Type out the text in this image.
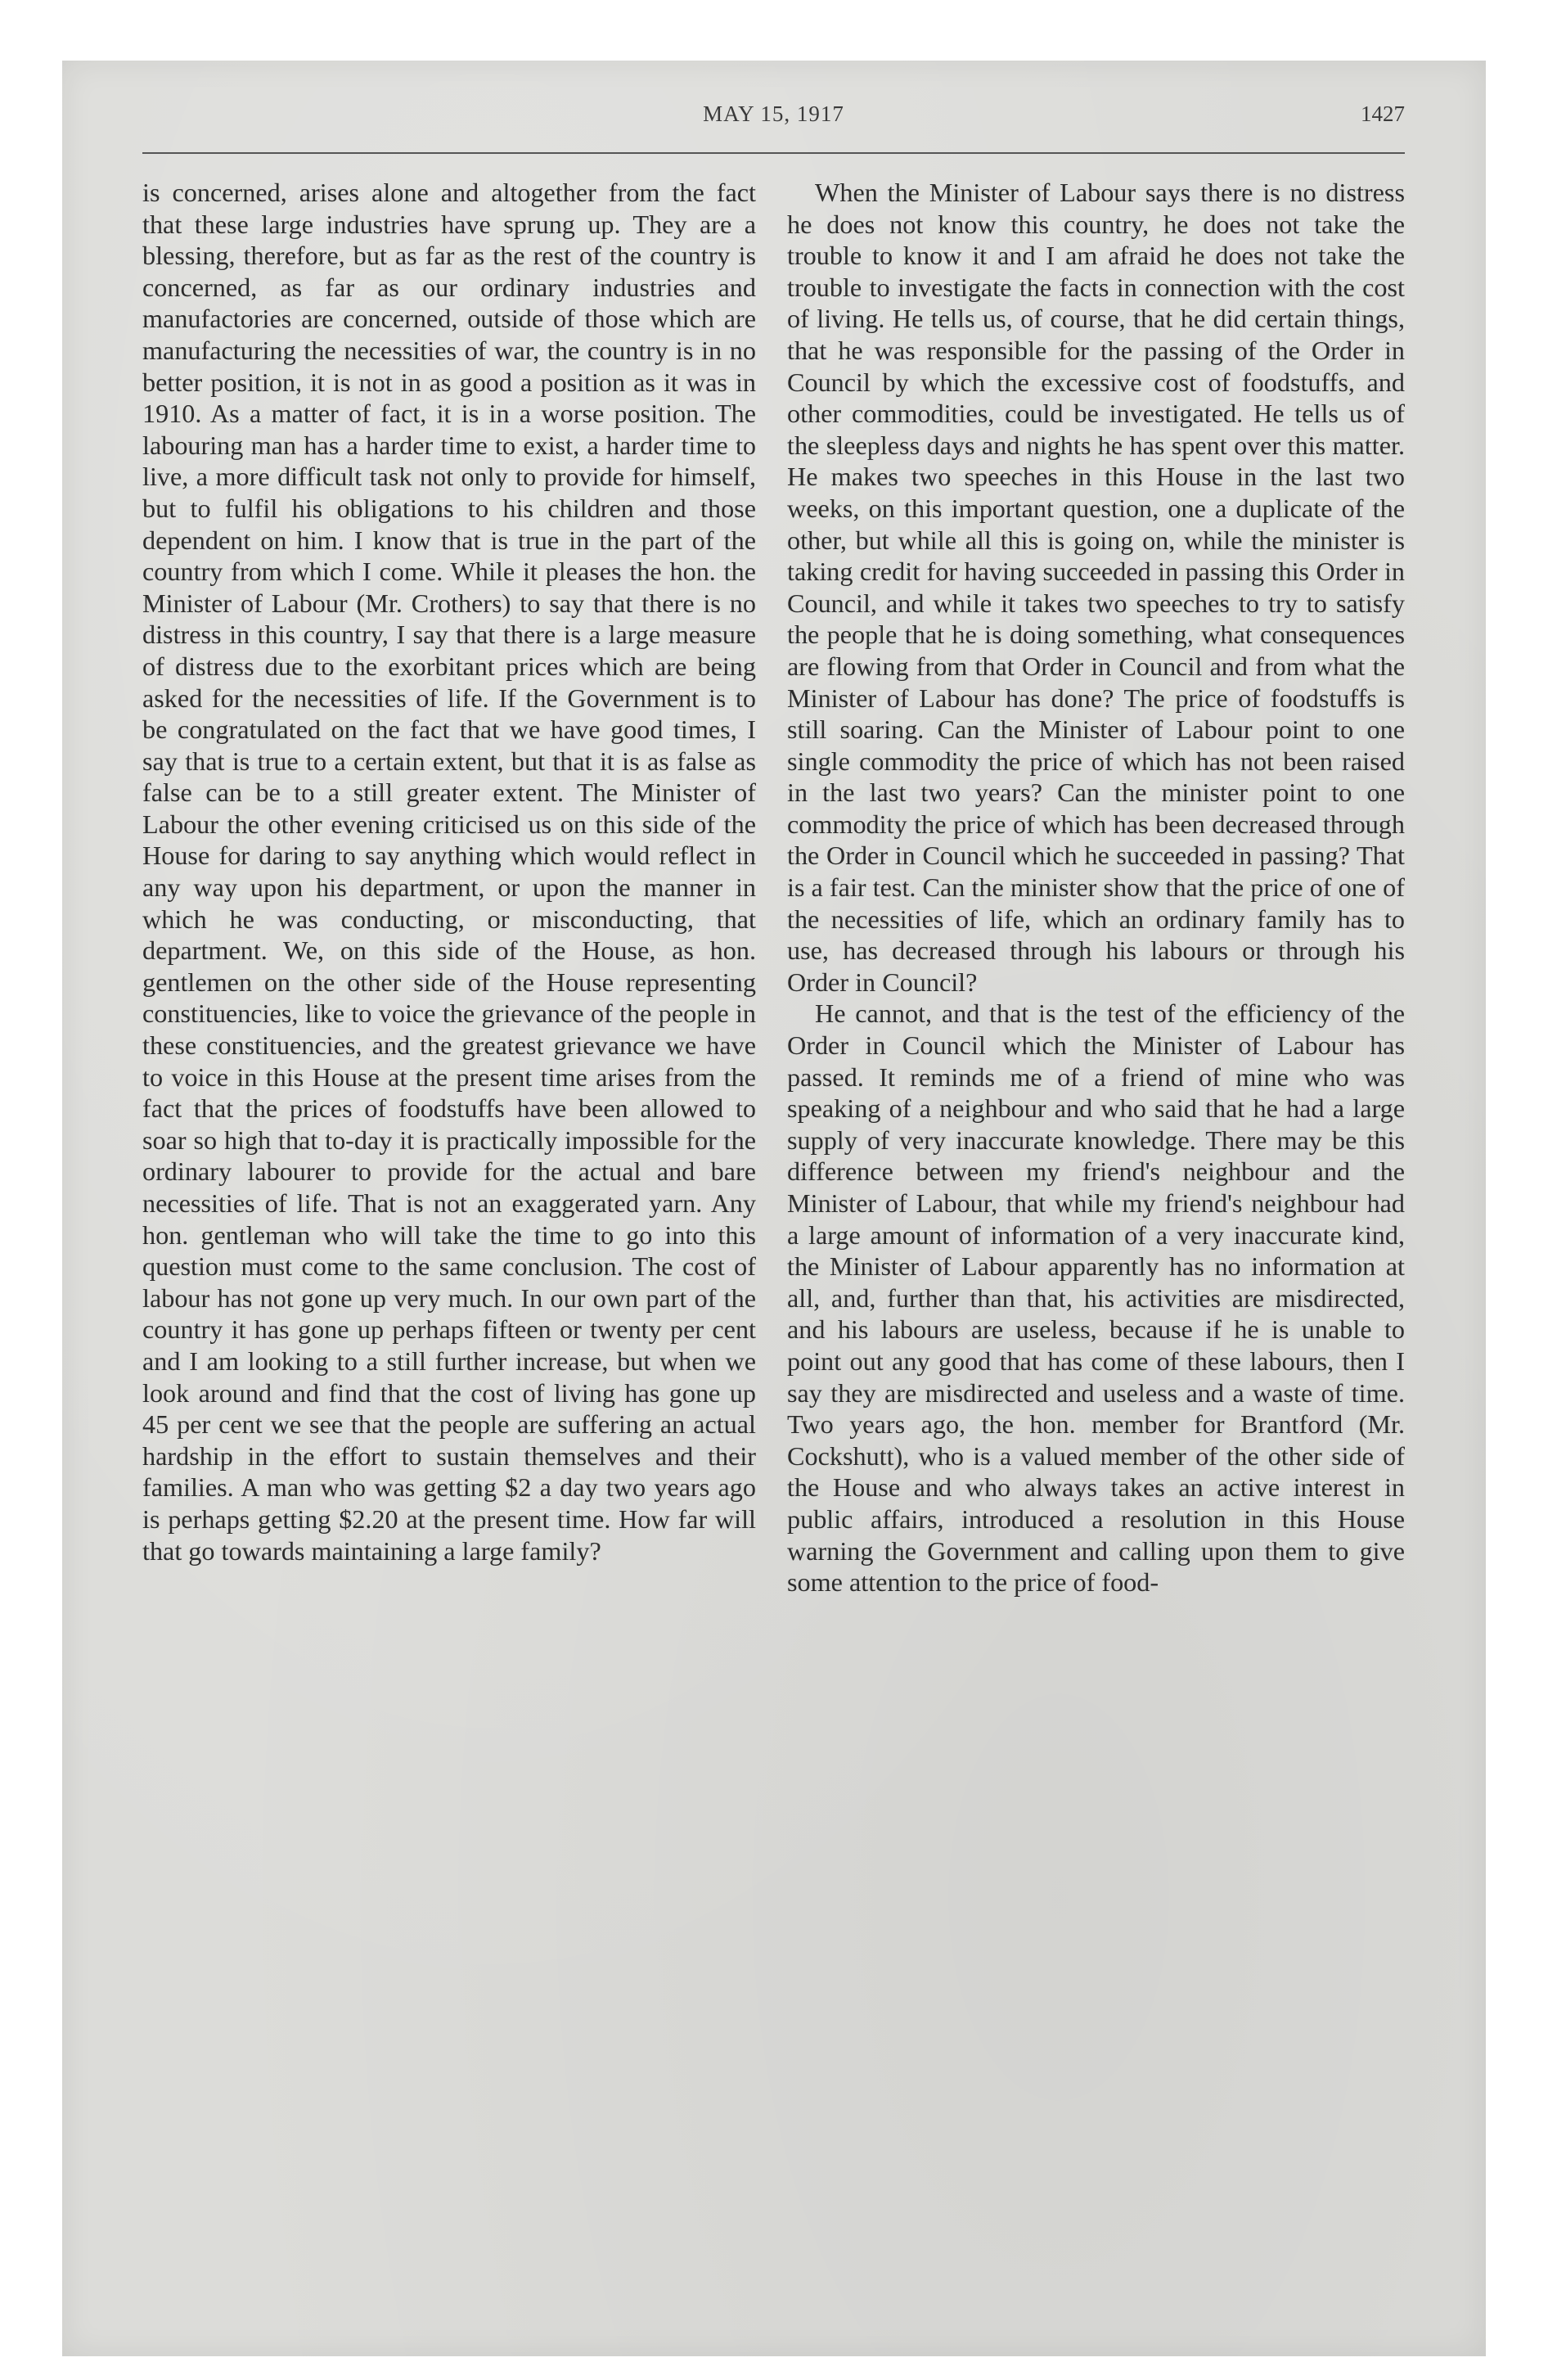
MAY 15, 1917	1427

is concerned, arises alone and altogether from the fact that these large industries have sprung up. They are a blessing, therefore, but as far as the rest of the country is concerned, as far as our ordinary industries and manufactories are concerned, outside of those which are manufacturing the necessities of war, the country is in no better position, it is not in as good a position as it was in 1910. As a matter of fact, it is in a worse position. The labouring man has a harder time to exist, a harder time to live, a more difficult task not only to provide for himself, but to fulfil his obligations to his children and those dependent on him. I know that is true in the part of the country from which I come. While it pleases the hon. the Minister of Labour (Mr. Crothers) to say that there is no distress in this country, I say that there is a large measure of distress due to the exorbitant prices which are being asked for the necessities of life. If the Government is to be congratulated on the fact that we have good times, I say that is true to a certain extent, but that it is as false as false can be to a still greater extent. The Minister of Labour the other evening criticised us on this side of the House for daring to say anything which would reflect in any way upon his department, or upon the manner in which he was conducting, or misconducting, that department. We, on this side of the House, as hon. gentlemen on the other side of the House representing constituencies, like to voice the grievance of the people in these constituencies, and the greatest grievance we have to voice in this House at the present time arises from the fact that the prices of foodstuffs have been allowed to soar so high that to-day it is practically impossible for the ordinary labourer to provide for the actual and bare necessities of life. That is not an exaggerated yarn. Any hon. gentleman who will take the time to go into this question must come to the same conclusion. The cost of labour has not gone up very much. In our own part of the country it has gone up perhaps fifteen or twenty per cent and I am looking to a still further increase, but when we look around and find that the cost of living has gone up 45 per cent we see that the people are suffering an actual hardship in the effort to sustain themselves and their families. A man who was getting $2 a day two years ago is perhaps getting $2.20 at the present time. How far will that go towards maintaining a large family?

When the Minister of Labour says there is no distress he does not know this country, he does not take the trouble to know it and I am afraid he does not take the trouble to investigate the facts in connection with the cost of living. He tells us, of course, that he did certain things, that he was responsible for the passing of the Order in Council by which the excessive cost of foodstuffs, and other commodities, could be investigated. He tells us of the sleepless days and nights he has spent over this matter. He makes two speeches in this House in the last two weeks, on this important question, one a duplicate of the other, but while all this is going on, while the minister is taking credit for having succeeded in passing this Order in Council, and while it takes two speeches to try to satisfy the people that he is doing something, what consequences are flowing from that Order in Council and from what the Minister of Labour has done? The price of foodstuffs is still soaring. Can the Minister of Labour point to one single commodity the price of which has not been raised in the last two years? Can the minister point to one commodity the price of which has been decreased through the Order in Council which he succeeded in passing? That is a fair test. Can the minister show that the price of one of the necessities of life, which an ordinary family has to use, has decreased through his labours or through his Order in Council?

He cannot, and that is the test of the efficiency of the Order in Council which the Minister of Labour has passed. It reminds me of a friend of mine who was speaking of a neighbour and who said that he had a large supply of very inaccurate knowledge. There may be this difference between my friend's neighbour and the Minister of Labour, that while my friend's neighbour had a large amount of information of a very inaccurate kind, the Minister of Labour apparently has no information at all, and, further than that, his activities are misdirected, and his labours are useless, because if he is unable to point out any good that has come of these labours, then I say they are misdirected and useless and a waste of time. Two years ago, the hon. member for Brantford (Mr. Cockshutt), who is a valued member of the other side of the House and who always takes an active interest in public affairs, introduced a resolution in this House warning the Government and calling upon them to give some attention to the price of food-
